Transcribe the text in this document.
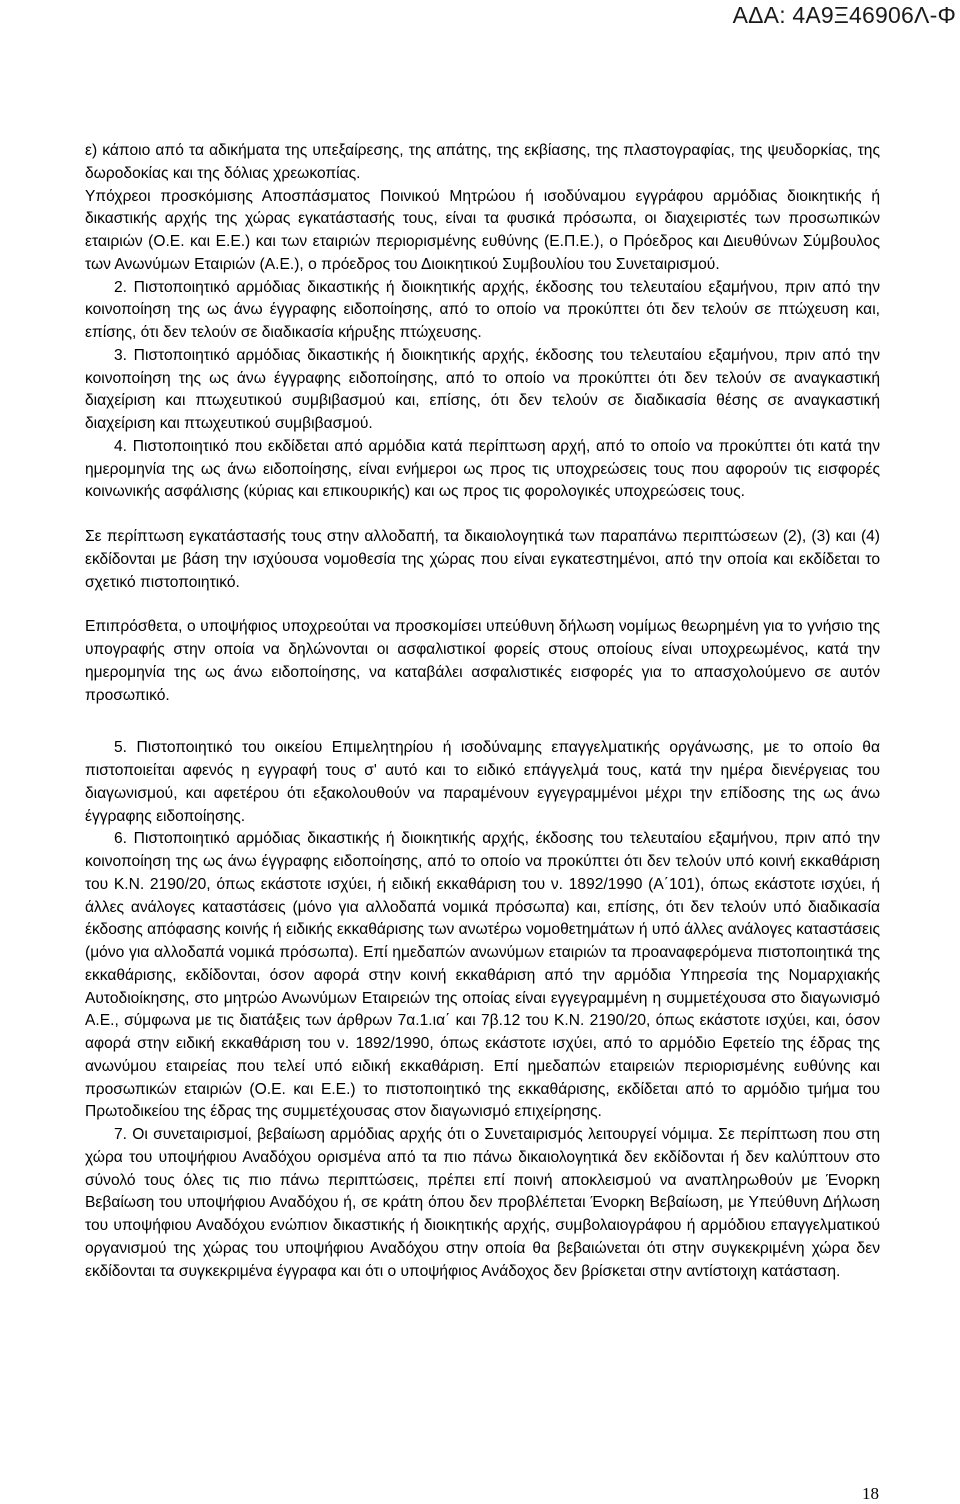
ΑΔΑ: 4Α9Ξ46906Λ-Φ

ε) κάποιο από τα αδικήματα της υπεξαίρεσης, της απάτης, της εκβίασης, της πλαστογραφίας, της ψευδορκίας, της δωροδοκίας και της δόλιας χρεωκοπίας.

Υπόχρεοι προσκόμισης Αποσπάσματος Ποινικού Μητρώου ή ισοδύναμου εγγράφου αρμόδιας διοικητικής ή δικαστικής αρχής της χώρας εγκατάστασής τους, είναι τα φυσικά πρόσωπα, οι διαχειριστές των προσωπικών εταιριών (Ο.Ε. και Ε.Ε.) και των εταιριών περιορισμένης ευθύνης (Ε.Π.Ε.), ο Πρόεδρος και Διευθύνων Σύμβουλος των Ανωνύμων Εταιριών (Α.Ε.), ο πρόεδρος του Διοικητικού Συμβουλίου του Συνεταιρισμού.

2. Πιστοποιητικό αρμόδιας δικαστικής ή διοικητικής αρχής, έκδοσης του τελευταίου εξαμήνου, πριν από την κοινοποίηση της ως άνω έγγραφης ειδοποίησης, από το οποίο να προκύπτει ότι δεν τελούν σε πτώχευση και, επίσης, ότι δεν τελούν σε διαδικασία κήρυξης πτώχευσης.

3. Πιστοποιητικό αρμόδιας δικαστικής ή διοικητικής αρχής, έκδοσης του τελευταίου εξαμήνου, πριν από την κοινοποίηση της ως άνω έγγραφης ειδοποίησης, από το οποίο να προκύπτει ότι δεν τελούν σε αναγκαστική διαχείριση και πτωχευτικού συμβιβασμού και, επίσης, ότι δεν τελούν σε διαδικασία θέσης σε αναγκαστική διαχείριση και πτωχευτικού συμβιβασμού.

4. Πιστοποιητικό που εκδίδεται από αρμόδια κατά περίπτωση αρχή, από το οποίο να προκύπτει ότι κατά την ημερομηνία της ως άνω ειδοποίησης, είναι ενήμεροι ως προς τις υποχρεώσεις τους που αφορούν τις εισφορές κοινωνικής ασφάλισης (κύριας και επικουρικής) και ως προς τις φορολογικές υποχρεώσεις τους.

Σε περίπτωση εγκατάστασής τους στην αλλοδαπή, τα δικαιολογητικά των παραπάνω περιπτώσεων (2), (3) και (4) εκδίδονται με βάση την ισχύουσα νομοθεσία της χώρας που είναι εγκατεστημένοι, από την οποία και εκδίδεται το σχετικό πιστοποιητικό.

Επιπρόσθετα, ο υποψήφιος υποχρεούται να προσκομίσει υπεύθυνη δήλωση νομίμως θεωρημένη για το γνήσιο της υπογραφής στην οποία να δηλώνονται οι ασφαλιστικοί φορείς στους οποίους είναι υποχρεωμένος, κατά την ημερομηνία της ως άνω ειδοποίησης, να καταβάλει ασφαλιστικές εισφορές για το απασχολούμενο σε αυτόν προσωπικό.

5. Πιστοποιητικό του οικείου Επιμελητηρίου ή ισοδύναμης επαγγελματικής οργάνωσης, με το οποίο θα πιστοποιείται αφενός η εγγραφή τους σ' αυτό και το ειδικό επάγγελμά τους, κατά την ημέρα διενέργειας του διαγωνισμού, και αφετέρου ότι εξακολουθούν να παραμένουν εγγεγραμμένοι μέχρι την επίδοσης της ως άνω έγγραφης ειδοποίησης.

6. Πιστοποιητικό αρμόδιας δικαστικής ή διοικητικής αρχής, έκδοσης του τελευταίου εξαμήνου, πριν από την κοινοποίηση της ως άνω έγγραφης ειδοποίησης, από το οποίο να προκύπτει ότι δεν τελούν υπό κοινή εκκαθάριση του Κ.Ν. 2190/20, όπως εκάστοτε ισχύει, ή ειδική εκκαθάριση του ν. 1892/1990 (Α΄101), όπως εκάστοτε ισχύει, ή άλλες ανάλογες καταστάσεις (μόνο για αλλοδαπά νομικά πρόσωπα) και, επίσης, ότι δεν τελούν υπό διαδικασία έκδοσης απόφασης κοινής ή ειδικής εκκαθάρισης των ανωτέρω νομοθετημάτων ή υπό άλλες ανάλογες καταστάσεις (μόνο για αλλοδαπά νομικά πρόσωπα). Επί ημεδαπών ανωνύμων εταιριών τα προαναφερόμενα πιστοποιητικά της εκκαθάρισης, εκδίδονται, όσον αφορά στην κοινή εκκαθάριση από την αρμόδια Υπηρεσία της Νομαρχιακής Αυτοδιοίκησης, στο μητρώο Ανωνύμων Εταιρειών της οποίας είναι εγγεγραμμένη η συμμετέχουσα στο διαγωνισμό Α.Ε., σύμφωνα με τις διατάξεις των άρθρων 7α.1.ια΄ και 7β.12 του Κ.Ν. 2190/20, όπως εκάστοτε ισχύει, και, όσον αφορά στην ειδική εκκαθάριση του ν. 1892/1990, όπως εκάστοτε ισχύει, από το αρμόδιο Εφετείο της έδρας της ανωνύμου εταιρείας που τελεί υπό ειδική εκκαθάριση. Επί ημεδαπών εταιρειών περιορισμένης ευθύνης και προσωπικών εταιριών (Ο.Ε. και Ε.Ε.) το πιστοποιητικό της εκκαθάρισης, εκδίδεται από το αρμόδιο τμήμα του Πρωτοδικείου της έδρας της συμμετέχουσας στον διαγωνισμό επιχείρησης.

7. Οι συνεταιρισμοί, βεβαίωση αρμόδιας αρχής ότι ο Συνεταιρισμός λειτουργεί νόμιμα. Σε περίπτωση που στη χώρα του υποψήφιου Αναδόχου ορισμένα από τα πιο πάνω δικαιολογητικά δεν εκδίδονται ή δεν καλύπτουν στο σύνολό τους όλες τις πιο πάνω περιπτώσεις, πρέπει επί ποινή αποκλεισμού να αναπληρωθούν με Ένορκη Βεβαίωση του υποψήφιου Αναδόχου ή, σε κράτη όπου δεν προβλέπεται Ένορκη Βεβαίωση, με Υπεύθυνη Δήλωση του υποψήφιου Αναδόχου ενώπιον δικαστικής ή διοικητικής αρχής, συμβολαιογράφου ή αρμόδιου επαγγελματικού οργανισμού της χώρας του υποψήφιου Αναδόχου στην οποία θα βεβαιώνεται ότι στην συγκεκριμένη χώρα δεν εκδίδονται τα συγκεκριμένα έγγραφα και ότι ο υποψήφιος Ανάδοχος δεν βρίσκεται στην αντίστοιχη κατάσταση.

18
